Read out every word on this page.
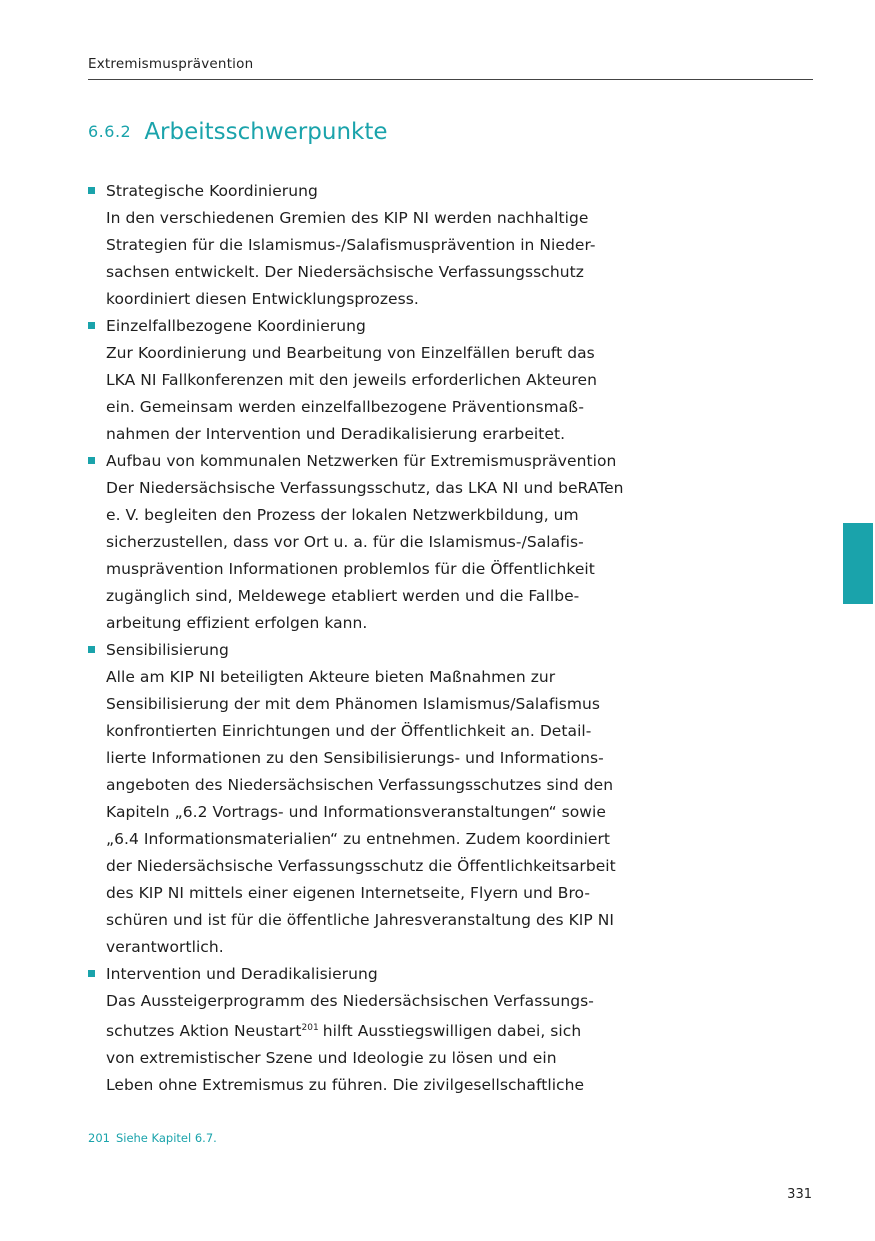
Extremismusprävention
6.6.2 Arbeitsschwerpunkte
Strategische Koordinierung
In den verschiedenen Gremien des KIP NI werden nachhaltige
Strategien für die Islamismus-/Salafismusprävention in Nieder-
sachsen entwickelt. Der Niedersächsische Verfassungsschutz
koordiniert diesen Entwicklungsprozess.
Einzelfallbezogene Koordinierung
Zur Koordinierung und Bearbeitung von Einzelfällen beruft das
LKA NI Fallkonferenzen mit den jeweils erforderlichen Akteuren
ein. Gemeinsam werden einzelfallbezogene Präventionsmaß-
nahmen der Intervention und Deradikalisierung erarbeitet.
Aufbau von kommunalen Netzwerken für Extremismusprävention
Der Niedersächsische Verfassungsschutz, das LKA NI und beRATen
e. V. begleiten den Prozess der lokalen Netzwerkbildung, um
sicherzustellen, dass vor Ort u. a. für die Islamismus-/Salafis-
musprävention Informationen problemlos für die Öffentlichkeit
zugänglich sind, Meldewege etabliert werden und die Fallbe-
arbeitung effizient erfolgen kann.
Sensibilisierung
Alle am KIP NI beteiligten Akteure bieten Maßnahmen zur
Sensibilisierung der mit dem Phänomen Islamismus/Salafismus
konfrontierten Einrichtungen und der Öffentlichkeit an. Detail-
lierte Informationen zu den Sensibilisierungs- und Informations-
angeboten des Niedersächsischen Verfassungsschutzes sind den
Kapiteln „6.2 Vortrags- und Informationsveranstaltungen“ sowie
„6.4 Informationsmaterialien“ zu entnehmen. Zudem koordiniert
der Niedersächsische Verfassungsschutz die Öffentlichkeitsarbeit
des KIP NI mittels einer eigenen Internetseite, Flyern und Bro-
schüren und ist für die öffentliche Jahresveranstaltung des KIP NI
verantwortlich.
Intervention und Deradikalisierung
Das Aussteigerprogramm des Niedersächsischen Verfassungs-
schutzes Aktion Neustart$^{201}$ hilft Ausstiegswilligen dabei, sich
von extremistischer Szene und Ideologie zu lösen und ein
Leben ohne Extremismus zu führen. Die zivilgesellschaftliche
201 Siehe Kapitel 6.7.
331
